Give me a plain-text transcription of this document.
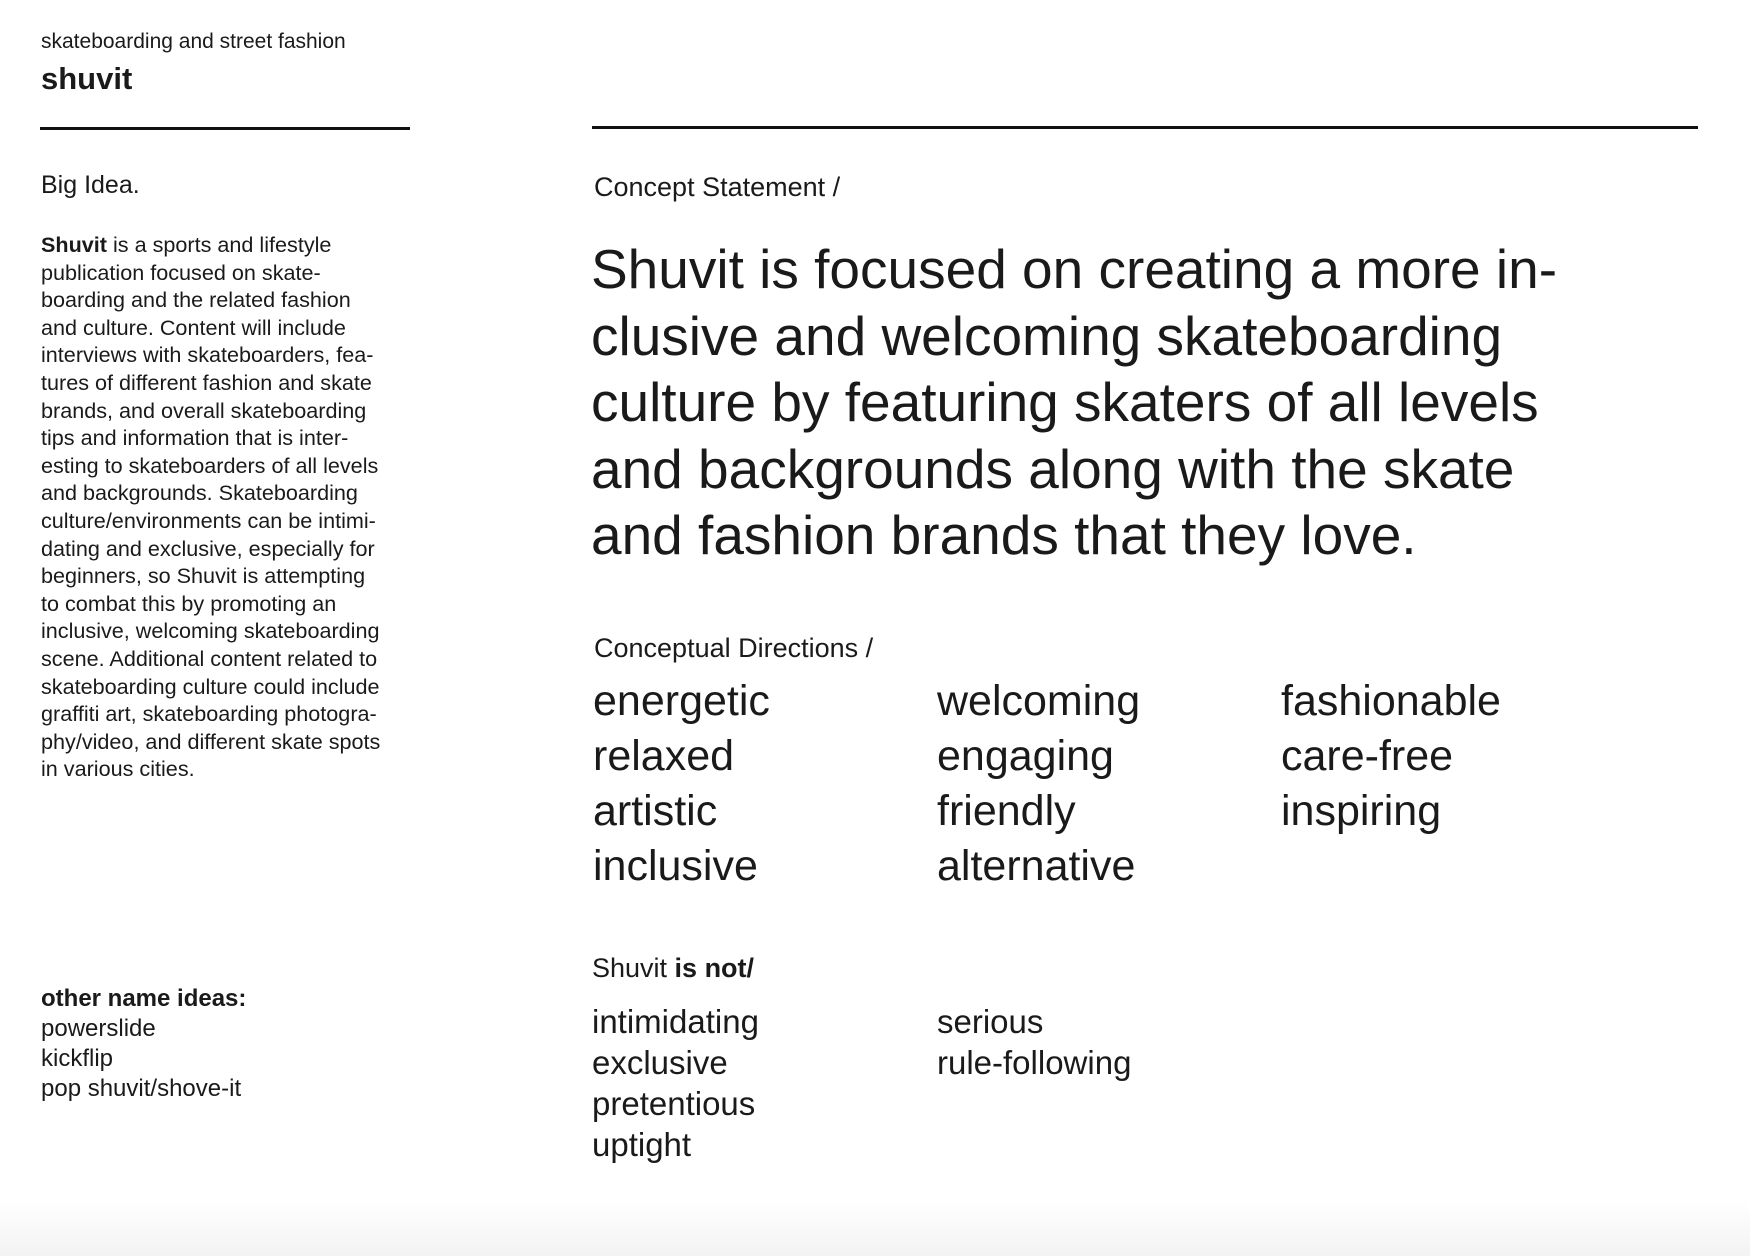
skateboarding and street fashion
shuvit
Big Idea.
Shuvit is a sports and lifestyle
publication focused on skate-
boarding and the related fashion
and culture. Content will include
interviews with skateboarders, fea-
tures of different fashion and skate
brands, and overall skateboarding
tips and information that is inter-
esting to skateboarders of all levels
and backgrounds. Skateboarding
culture/environments can be intimi-
dating and exclusive, especially for
beginners, so Shuvit is attempting
to combat this by promoting an
inclusive, welcoming skateboarding
scene. Additional content related to
skateboarding culture could include
graffiti art, skateboarding photogra-
phy/video, and different skate spots
in various cities.
other name ideas:
powerslide
kickflip
pop shuvit/shove-it
Concept Statement /
Shuvit is focused on creating a more in-
clusive and welcoming skateboarding
culture by featuring skaters of all levels
and backgrounds along with the skate
and fashion brands that they love.
Conceptual Directions /
energetic
relaxed
artistic
inclusive
welcoming
engaging
friendly
alternative
fashionable
care-free
inspiring
Shuvit is not/
intimidating
exclusive
pretentious
uptight
serious
rule-following
